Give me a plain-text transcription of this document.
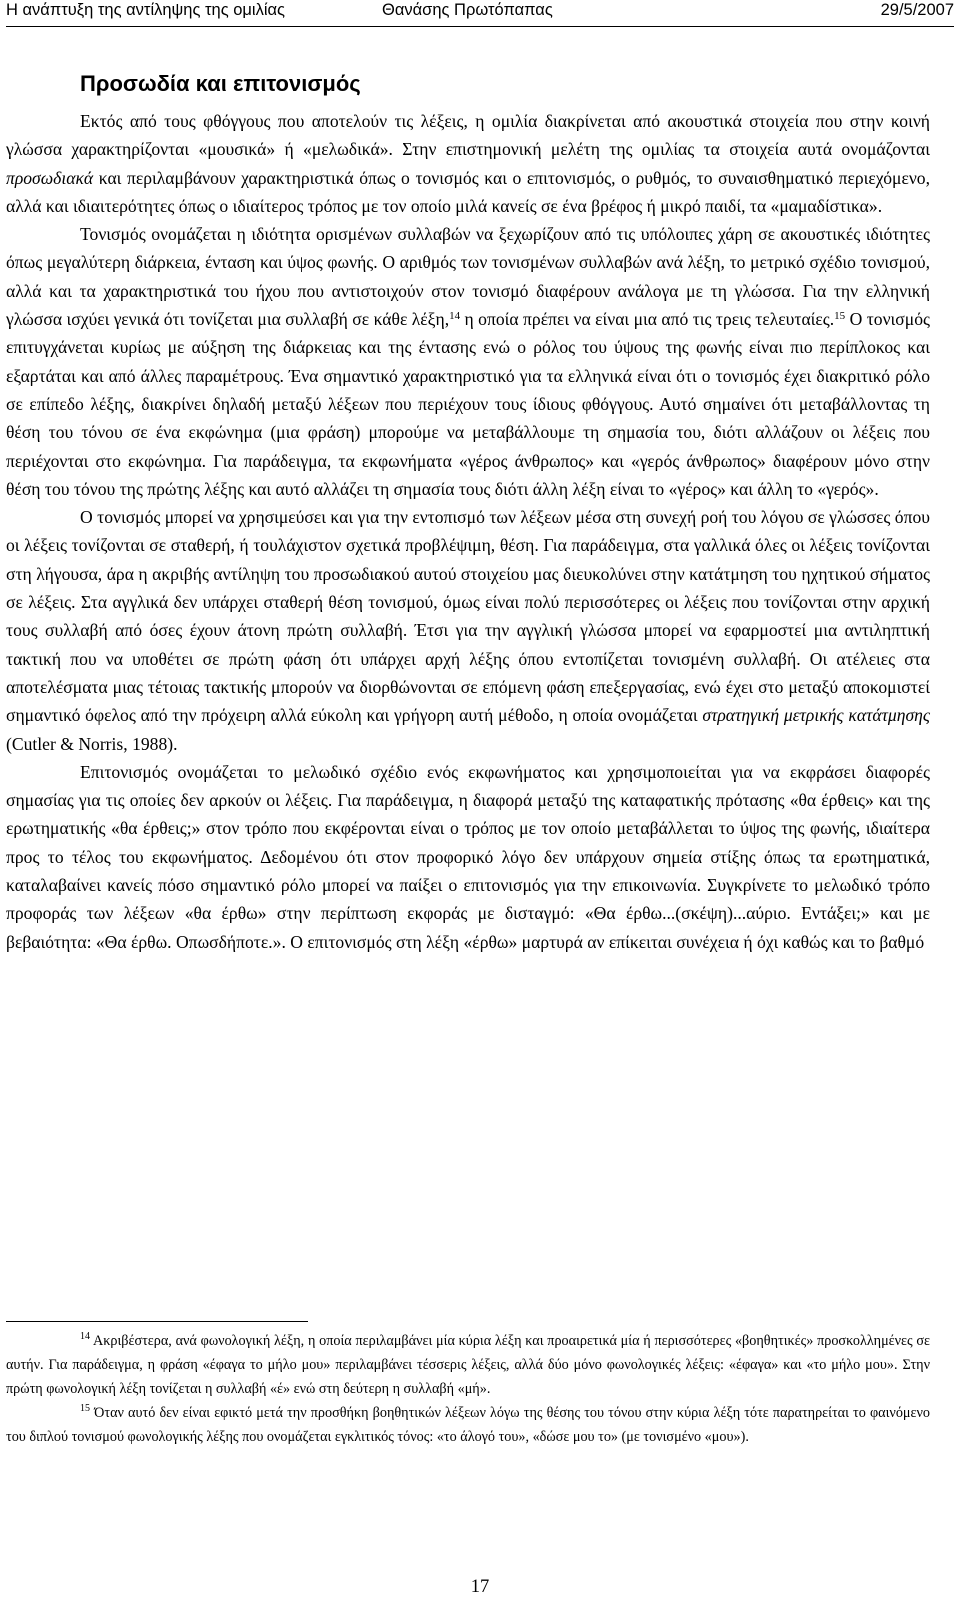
Η ανάπτυξη της αντίληψης της ομιλίας	Θανάσης Πρωτόπαπας	29/5/2007
Προσωδία και επιτονισμός

Εκτός από τους φθόγγους που αποτελούν τις λέξεις, η ομιλία διακρίνεται από ακουστικά στοιχεία που στην κοινή γλώσσα χαρακτηρίζονται «μουσικά» ή «μελωδικά». Στην επιστημονική μελέτη της ομιλίας τα στοιχεία αυτά ονομάζονται προσωδιακά και περιλαμβάνουν χαρακτηριστικά όπως ο τονισμός και ο επιτονισμός, ο ρυθμός, το συναισθηματικό περιεχόμενο, αλλά και ιδιαιτερότητες όπως ο ιδιαίτερος τρόπος με τον οποίο μιλά κανείς σε ένα βρέφος ή μικρό παιδί, τα «μαμαδίστικα».

Τονισμός ονομάζεται η ιδιότητα ορισμένων συλλαβών να ξεχωρίζουν από τις υπόλοιπες χάρη σε ακουστικές ιδιότητες όπως μεγαλύτερη διάρκεια, ένταση και ύψος φωνής. Ο αριθμός των τονισμένων συλλαβών ανά λέξη, το μετρικό σχέδιο τονισμού, αλλά και τα χαρακτηριστικά του ήχου που αντιστοιχούν στον τονισμό διαφέρουν ανάλογα με τη γλώσσα. Για την ελληνική γλώσσα ισχύει γενικά ότι τονίζεται μια συλλαβή σε κάθε λέξη,$^{14}$ η οποία πρέπει να είναι μια από τις τρεις τελευταίες.$^{15}$ Ο τονισμός επιτυγχάνεται κυρίως με αύξηση της διάρκειας και της έντασης ενώ ο ρόλος του ύψους της φωνής είναι πιο περίπλοκος και εξαρτάται και από άλλες παραμέτρους. Ένα σημαντικό χαρακτηριστικό για τα ελληνικά είναι ότι ο τονισμός έχει διακριτικό ρόλο σε επίπεδο λέξης, διακρίνει δηλαδή μεταξύ λέξεων που περιέχουν τους ίδιους φθόγγους. Αυτό σημαίνει ότι μεταβάλλοντας τη θέση του τόνου σε ένα εκφώνημα (μια φράση) μπορούμε να μεταβάλλουμε τη σημασία του, διότι αλλάζουν οι λέξεις που περιέχονται στο εκφώνημα. Για παράδειγμα, τα εκφωνήματα «γέρος άνθρωπος» και «γερός άνθρωπος» διαφέρουν μόνο στην θέση του τόνου της πρώτης λέξης και αυτό αλλάζει τη σημασία τους διότι άλλη λέξη είναι το «γέρος» και άλλη το «γερός».

Ο τονισμός μπορεί να χρησιμεύσει και για την εντοπισμό των λέξεων μέσα στη συνεχή ροή του λόγου σε γλώσσες όπου οι λέξεις τονίζονται σε σταθερή, ή τουλάχιστον σχετικά προβλέψιμη, θέση. Για παράδειγμα, στα γαλλικά όλες οι λέξεις τονίζονται στη λήγουσα, άρα η ακριβής αντίληψη του προσωδιακού αυτού στοιχείου μας διευκολύνει στην κατάτμηση του ηχητικού σήματος σε λέξεις. Στα αγγλικά δεν υπάρχει σταθερή θέση τονισμού, όμως είναι πολύ περισσότερες οι λέξεις που τονίζονται στην αρχική τους συλλαβή από όσες έχουν άτονη πρώτη συλλαβή. Έτσι για την αγγλική γλώσσα μπορεί να εφαρμοστεί μια αντιληπτική τακτική που να υποθέτει σε πρώτη φάση ότι υπάρχει αρχή λέξης όπου εντοπίζεται τονισμένη συλλαβή. Οι ατέλειες στα αποτελέσματα μιας τέτοιας τακτικής μπορούν να διορθώνονται σε επόμενη φάση επεξεργασίας, ενώ έχει στο μεταξύ αποκομιστεί σημαντικό όφελος από την πρόχειρη αλλά εύκολη και γρήγορη αυτή μέθοδο, η οποία ονομάζεται στρατηγική μετρικής κατάτμησης (Cutler & Norris, 1988).

Επιτονισμός ονομάζεται το μελωδικό σχέδιο ενός εκφωνήματος και χρησιμοποιείται για να εκφράσει διαφορές σημασίας για τις οποίες δεν αρκούν οι λέξεις. Για παράδειγμα, η διαφορά μεταξύ της καταφατικής πρότασης «θα έρθεις» και της ερωτηματικής «θα έρθεις;» στον τρόπο που εκφέρονται είναι ο τρόπος με τον οποίο μεταβάλλεται το ύψος της φωνής, ιδιαίτερα προς το τέλος του εκφωνήματος. Δεδομένου ότι στον προφορικό λόγο δεν υπάρχουν σημεία στίξης όπως τα ερωτηματικά, καταλαβαίνει κανείς πόσο σημαντικό ρόλο μπορεί να παίξει ο επιτονισμός για την επικοινωνία. Συγκρίνετε το μελωδικό τρόπο προφοράς των λέξεων «θα έρθω» στην περίπτωση εκφοράς με δισταγμό: «Θα έρθω...(σκέψη)...αύριο. Εντάξει;» και με βεβαιότητα: «Θα έρθω. Οπωσδήποτε.». Ο επιτονισμός στη λέξη «έρθω» μαρτυρά αν επίκειται συνέχεια ή όχι καθώς και το βαθμό

$^{14}$ Ακριβέστερα, ανά φωνολογική λέξη, η οποία περιλαμβάνει μία κύρια λέξη και προαιρετικά μία ή περισσότερες «βοηθητικές» προσκολλημένες σε αυτήν. Για παράδειγμα, η φράση «έφαγα το μήλο μου» περιλαμβάνει τέσσερις λέξεις, αλλά δύο μόνο φωνολογικές λέξεις: «έφαγα» και «το μήλο μου». Στην πρώτη φωνολογική λέξη τονίζεται η συλλαβή «έ» ενώ στη δεύτερη η συλλαβή «μή».

$^{15}$ Όταν αυτό δεν είναι εφικτό μετά την προσθήκη βοηθητικών λέξεων λόγω της θέσης του τόνου στην κύρια λέξη τότε παρατηρείται το φαινόμενο του διπλού τονισμού φωνολογικής λέξης που ονομάζεται εγκλιτικός τόνος: «το άλογό του», «δώσε μου το» (με τονισμένο «μου»).

17
